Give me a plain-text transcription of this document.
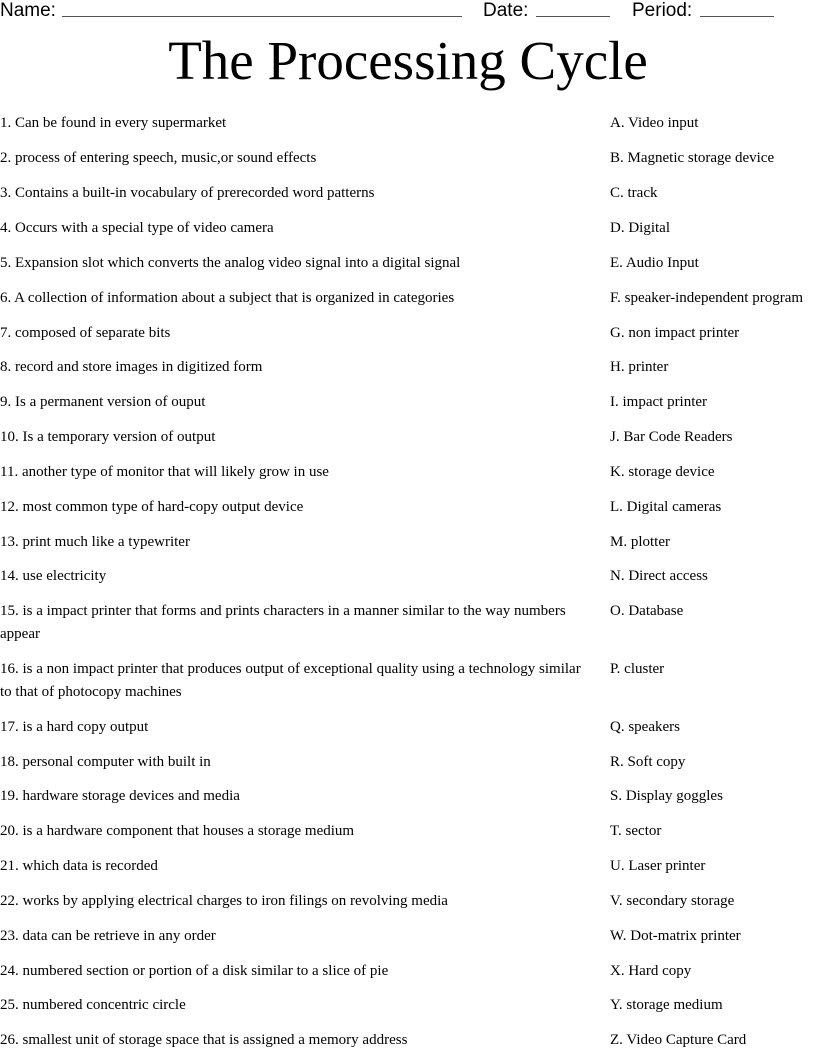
Name:	Date:	Period:
The Processing Cycle
1. Can be found in every supermarket
2. process of entering speech, music,or sound effects
3. Contains a built-in vocabulary of prerecorded word patterns
4. Occurs with a special type of video camera
5. Expansion slot which converts the analog video signal into a digital signal
6. A collection of information about a subject that is organized in categories
7. composed of separate bits
8. record and store images in digitized form
9. Is a permanent version of ouput
10. Is a temporary version of output
11. another type of monitor that will likely grow in use
12. most common type of hard-copy output device
13. print much like a typewriter
14. use electricity
15. is a impact printer that forms and prints characters in a manner similar to the way numbers appear
16. is a non impact printer that produces output of exceptional quality using a technology similar to that of photocopy machines
17. is a hard copy output
18. personal computer with built in
19. hardware storage devices and media
20. is a hardware component that houses a storage medium
21. which data is recorded
22. works by applying electrical charges to iron filings on revolving media
23. data can be retrieve in any order
24. numbered section or portion of a disk similar to a slice of pie
25. numbered concentric circle
26. smallest unit of storage space that is assigned a memory address
A. Video input
B. Magnetic storage device
C. track
D. Digital
E. Audio Input
F. speaker-independent program
G. non impact printer
H. printer
I. impact printer
J. Bar Code Readers
K. storage device
L. Digital cameras
M. plotter
N. Direct access
O. Database
P. cluster
Q. speakers
R. Soft copy
S. Display goggles
T. sector
U. Laser printer
V. secondary storage
W. Dot-matrix printer
X. Hard copy
Y. storage medium
Z. Video Capture Card
